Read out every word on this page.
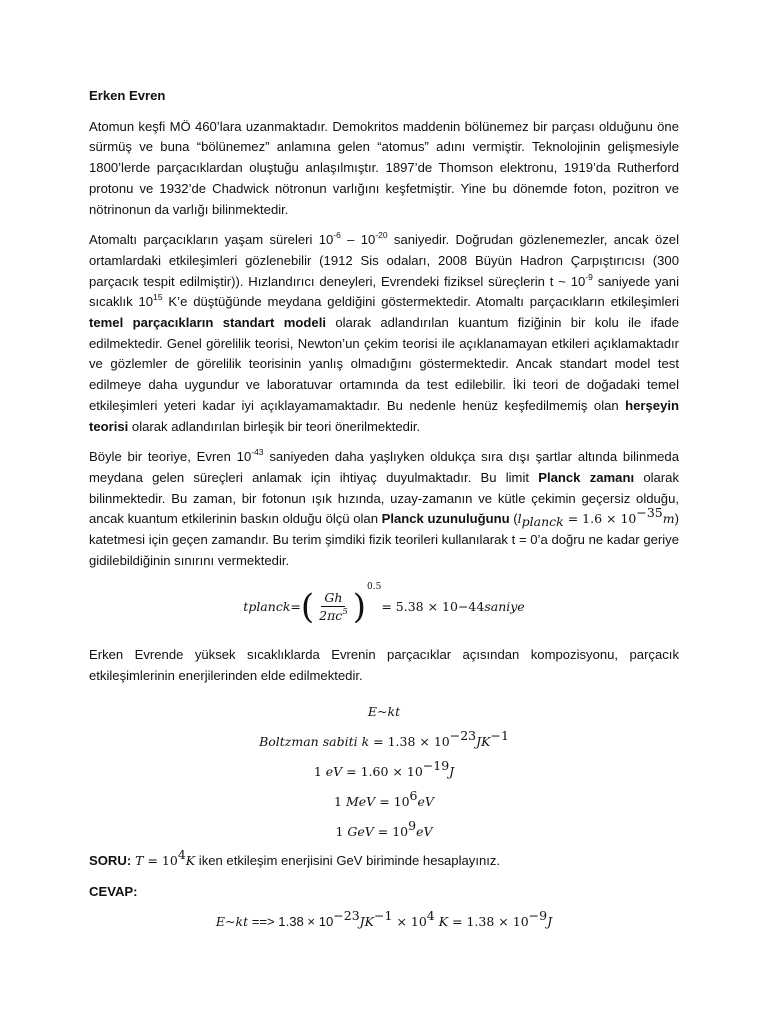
Erken Evren

Atomun keşfi MÖ 460’lara uzanmaktadır. Demokritos maddenin bölünemez bir parçası olduğunu öne sürmüş ve buna “bölünemez” anlamına gelen “atomus” adını vermiştir. Teknolojinin gelişmesiyle 1800’lerde parçacıklardan oluştuğu anlaşılmıştır. 1897’de Thomson elektronu, 1919’da Rutherford protonu ve 1932’de Chadwick nötronun varlığını keşfetmiştir. Yine bu dönemde foton, pozitron ve nötrinonun da varlığı bilinmektedir.

Atomaltı parçacıkların yaşam süreleri $10^{-6} - 10^{-20}$ saniyedir. Doğrudan gözlenemezler, ancak özel ortamlardaki etkileşimleri gözlenebilir (1912 Sis odaları, 2008 Büyün Hadron Çarpıştırıcısı (300 parçacık tespit edilmiştir)). Hızlandırıcı deneyleri, Evrendeki fiziksel süreçlerin t ~ $10^{-9}$ saniyede yani sıcaklık $10^{15}$ K’e düştüğünde meydana geldiğini göstermektedir. Atomaltı parçacıkların etkileşimleri temel parçacıkların standart modeli olarak adlandırılan kuantum fiziğinin bir kolu ile ifade edilmektedir. Genel görelilik teorisi, Newton’un çekim teorisi ile açıklanamayan etkileri açıklamaktadır ve gözlemler de görelilik teorisinin yanlış olmadığını göstermektedir. Ancak standart model test edilmeye daha uygundur ve laboratuvar ortamında da test edilebilir. İki teori de doğadaki temel etkileşimleri yeteri kadar iyi açıklayamamaktadır. Bu nedenle henüz keşfedilmemiş olan herşeyin teorisi olarak adlandırılan birleşik bir teori önerilmektedir.

Böyle bir teoriye, Evren $10^{-43}$ saniyeden daha yaşlıyken oldukça sıra dışı şartlar altında bilinmeda meydana gelen süreçleri anlamak için ihtiyaç duyulmaktadır. Bu limit Planck zamanı olarak bilinmektedir. Bu zaman, bir fotonun ışık hızında, uzay-zamanın ve kütle çekimin geçersiz olduğu, ancak kuantum etkilerinin baskın olduğu ölçü olan Planck uzunuluğunu $(l_{planck} = 1.6 \times 10^{-35}m)$ katetmesi için geçen zamandır. Bu terim şimdiki fizik teorileri kullanılarak t = 0’a doğru ne kadar geriye gidilebildiğinin sınırını vermektedir.

t planck = ( $\frac{Gh}{2\pi c^5}$ )
0.5
= 5.38 × 10 −44 saniye

Erken Evrende yüksek sıcaklıklarda Evrenin parçacıklar açısından kompozisyonu, parçacık etkileşimlerinin enerjilerinden elde edilmektedir.

E~kt
Boltzman sabiti $k = 1.38 \times 10^{-23}JK^{-1}$
1 eV = $1.60 \times 10^{-19}J$
1 MeV = $10^6eV$
1 GeV = $10^9eV$

SORU: $T = 10^4K$ iken etkileşim enerjisini GeV biriminde hesaplayınız.

CEVAP:

E~kt ==> $1.38 \times 10^{-23}JK^{-1} \times 10^4$ $K = 1.38 \times 10^{-9}J$
